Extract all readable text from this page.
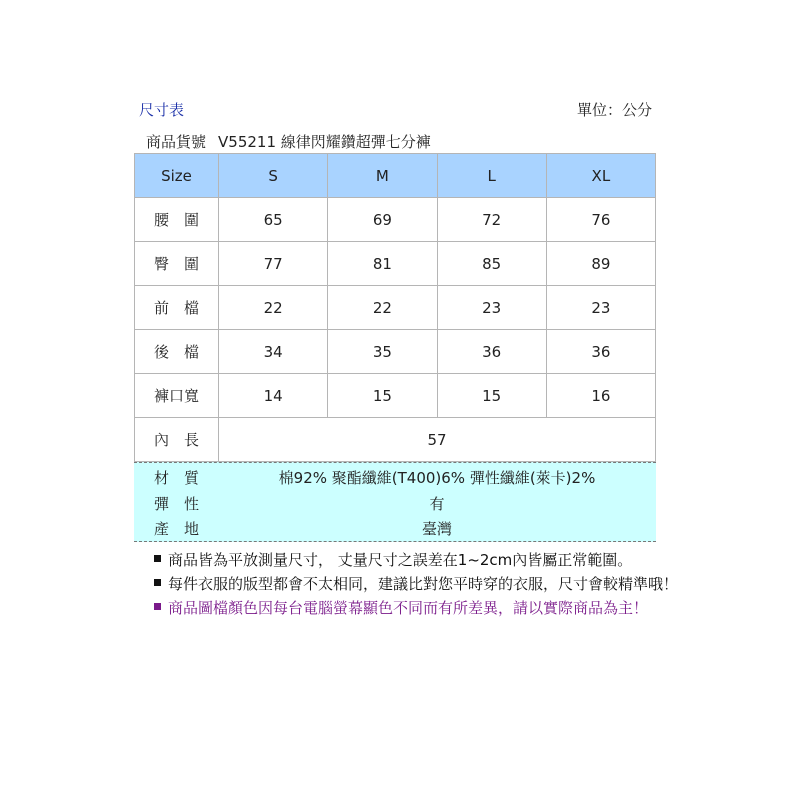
尺寸表	單位：公分
商品貨號 V55211 線律閃耀鑽超彈七分褲
Size	S	M	L	XL
腰　圍	65	69	72	76
臀　圍	77	81	85	89
前　檔	22	22	23	23
後　檔	34	35	36	36
褲口寬	14	15	15	16
內　長	57			
材　質	棉92% 聚酯纖維(T400)6% 彈性纖維(萊卡)2%
彈　性	有
產　地	臺灣
商品皆為平放測量尺寸， 丈量尺寸之誤差在1~2cm內皆屬正常範圍。
每件衣服的版型都會不太相同，建議比對您平時穿的衣服，尺寸會較精準哦！
商品圖檔顏色因每台電腦螢幕顯色不同而有所差異，請以實際商品為主！
